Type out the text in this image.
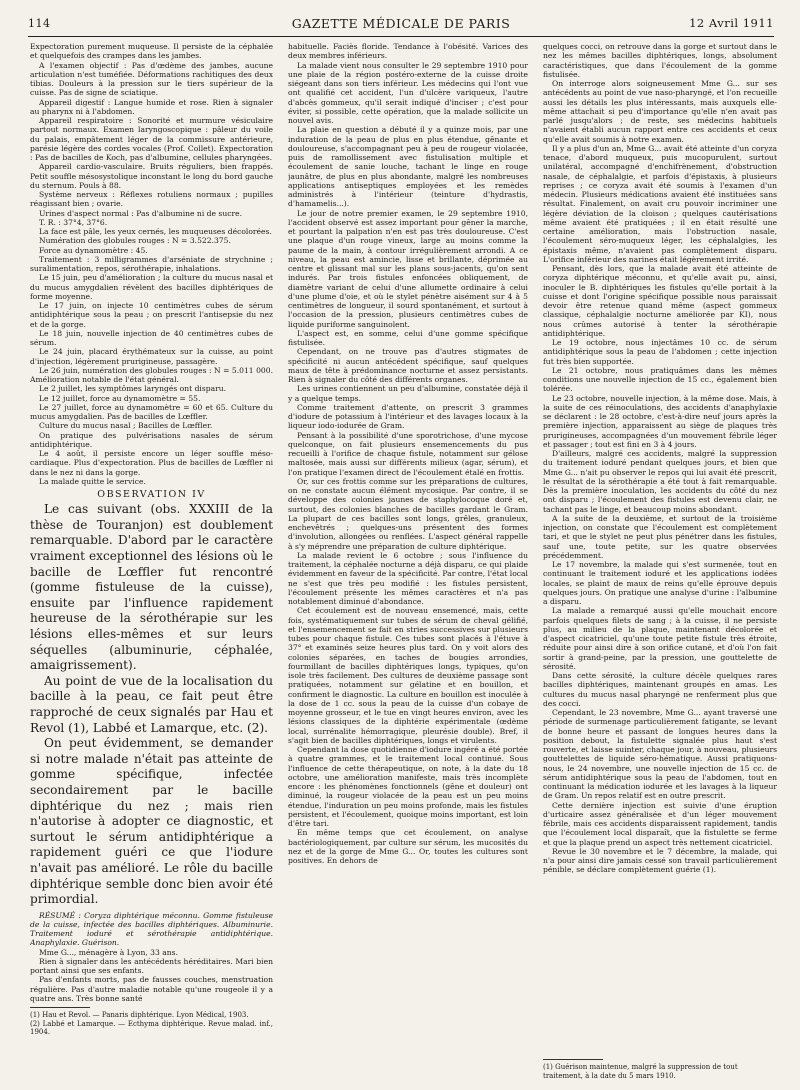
114	GAZETTE MÉDICALE DE PARIS	12 Avril 1911

Expectoration purement muqueuse. Il persiste de la céphalée et quelquefois des crampes dans les jambes.

A l'examen objectif : Pas d'œdème des jambes, aucune articulation n'est tuméfiée. Déformations rachitiques des deux tibias. Douleurs à la pression sur le tiers supérieur de la cuisse. Pas de signe de sciatique.

Appareil digestif : Langue humide et rose. Rien à signaler au pharynx ni à l'abdomen.

Appareil respiratoire : Sonorité et murmure vésiculaire partout normaux. Examen laryngoscopique : pâleur du voile du palais, empâtement léger de la commissure antérieure, parésie légère des cordes vocales (Prof. Collet). Expectoration : Pas de bacilles de Koch, pas d'albumine, cellules pharyngées.

Appareil cardio-vasculaire. Bruits réguliers, bien frappés. Petit souffle mésosystolique inconstant le long du bord gauche du sternum. Pouls à 88.

Système nerveux : Réflexes rotuliens normaux ; pupilles réagissant bien ; ovarie.

Urines d'aspect normal : Pas d'albumine ni de sucre.

T. R. : 37°4, 37°6.

La face est pâle, les yeux cernés, les muqueuses décolorées.

Numération des globules rouges : N = 3.522.375.

Force au dynamomètre : 45.

Traitement : 3 milligrammes d'arséniate de strychnine ; suralimentation, repos, sérothérapie, inhalations.

Le 15 juin, peu d'amélioration ; la culture du mucus nasal et du mucus amygdalien révèlent des bacilles diphtériques de forme moyenne.

Le 17 juin, on injecte 10 centimètres cubes de sérum antidiphtérique sous la peau ; on prescrit l'antisepsie du nez et de la gorge.

Le 18 juin, nouvelle injection de 40 centimètres cubes de sérum.

Le 24 juin, placard érythémateux sur la cuisse, au point d'injection, légèrement prurigineuse, passagère.

Le 26 juin, numération des globules rouges : N = 5.011 000. Amélioration notable de l'état général.

Le 2 juillet, les symptômes laryngés ont disparu.

Le 12 juillet, force au dynamomètre = 55.

Le 27 juillet, force au dynamomètre = 60 et 65. Culture du mucus amygdalien. Pas de bacilles de Lœffler.

Culture du mucus nasal ; Bacilles de Lœffler.

On pratique des pulvérisations nasales de sérum antidiphtérique.

Le 4 août, il persiste encore un léger souffle méso-cardiaque. Plus d'expectoration. Plus de bacilles de Lœffler ni dans le nez ni dans la gorge.

La malade quitte le service.

OBSERVATION IV

Le cas suivant (obs. XXXIII de la thèse de Touranjon) est doublement remarquable. D'abord par le caractère vraiment exceptionnel des lésions où le bacille de Lœffler fut rencontré (gomme fistuleuse de la cuisse), ensuite par l'influence rapidement heureuse de la sérothérapie sur les lésions elles-mêmes et sur leurs séquelles (albuminurie, céphalée, amaigrissement).

Au point de vue de la localisation du bacille à la peau, ce fait peut être rapproché de ceux signalés par Hau et Revol (1), Labbé et Lamarque, etc. (2).

On peut évidemment, se demander si notre malade n'était pas atteinte de gomme spécifique, infectée secondairement par le bacille diphtérique du nez ; mais rien n'autorise à adopter ce diagnostic, et surtout le sérum antidiphtérique a rapidement guéri ce que l'iodure n'avait pas amélioré. Le rôle du bacille diphtérique semble donc bien avoir été primordial.

RÉSUMÉ : Coryza diphtérique méconnu. Gomme fistuleuse de la cuisse, infectée des bacilles diphtériques. Albuminurie. Traitement ioduré et sérothérapie antidiphtérique. Anaphylaxie. Guérison.

Mme G..., ménagère à Lyon, 33 ans.

Rien à signaler dans les antécédents héréditaires. Mari bien portant ainsi que ses enfants.

Pas d'enfants morts, pas de fausses couches, menstruation régulière. Pas d'autre maladie notable qu'une rougeole il y a quatre ans. Très bonne santé

(1) Hau et Revol. — Panaris diphtérique. Lyon Médical, 1903.

(2) Labbé et Lamarque. — Ecthyma diphtérique. Revue malad. inf., 1904.

habituelle. Faciès floride. Tendance à l'obésité. Varices des deux membres inférieurs.

La malade vient nous consulter le 29 septembre 1910 pour une plaie de la région postéro-externe de la cuisse droite siégeant dans son tiers inférieur. Les médecins qui l'ont vue ont qualifié cet accident, l'un d'ulcère variqueux, l'autre d'abcès gommeux, qu'il serait indiqué d'inciser ; c'est pour éviter, si possible, cette opération, que la malade sollicite un nouvel avis.

La plaie en question a débuté il y a quinze mois, par une induration de la peau de plus en plus étendue, gênante et douloureuse, s'accompagnant peu à peu de rougeur violacée, puis de ramollissement avec fistulisation multiple et écoulement de sanie louche, tachant le linge en rouge jaunâtre, de plus en plus abondante, malgré les nombreuses applications antiseptiques employées et les remèdes administrés à l'intérieur (teinture d'hydrastis, d'hamamelis...).

Le jour de notre premier examen, le 29 septembre 1910, l'accident observé est assez important pour gêner la marche, et pourtant la palpation n'en est pas très douloureuse. C'est une plaque d'un rouge vineux, large au moins comme la paume de la main, à contour irrégulièrement arrondi. A ce niveau, la peau est amincie, lisse et brillante, déprimée au centre et glissant mal sur les plans sous-jacents, qu'on sent indurés. Par trois fistules enfoncées obliquement, de diamètre variant de celui d'une allumette ordinaire à celui d'une plume d'oie, et où le stylet pénètre aisément sur 4 à 5 centimètres de longueur, il sourd spontanément, et surtout à l'occasion de la pression, plusieurs centimètres cubes de liquide puriforme sanguinolent.

L'aspect est, en somme, celui d'une gomme spécifique fistulisée.

Cependant, on ne trouve pas d'autres stigmates de spécificité ni aucun antécédent spécifique, sauf quelques maux de tête à prédominance nocturne et assez persistants. Rien à signaler du côté des différents organes.

Les urines contiennent un peu d'albumine, constatée déjà il y a quelque temps.

Comme traitement d'attente, on prescrit 3 grammes d'iodure de potassium à l'intérieur et des lavages locaux à la liqueur iodo-iodurée de Gram.

Pensant à la possibilité d'une sporotrichose, d'une mycose quelconque, on fait plusieurs ensemencements du pus recueilli à l'orifice de chaque fistule, notamment sur gélose maltosée, mais aussi sur différents milieux (agar, sérum), et l'on pratique l'examen direct de l'écoulement étalé en frottis.

Or, sur ces frottis comme sur les préparations de cultures, on ne constate aucun élément mycosique. Par contre, il se développe des colonies jaunes de staphylocoque doré et, surtout, des colonies blanches de bacilles gardant le Gram. La plupart de ces bacilles sont longs, grêles, granuleux, enchevêtrés ; quelques-uns présentent des formes d'involution, allongées ou renflées. L'aspect général rappelle à s'y méprendre une préparation de culture diphtérique.

La malade revient le 6 octobre ; sous l'influence du traitement, la céphalée nocturne a déjà disparu, ce qui plaide évidemment en faveur de la spécificité. Par contre, l'état local ne s'est que très peu modifié : les fistules persistent, l'écoulement présente les mêmes caractères et n'a pas notablement diminué d'abondance.

Cet écoulement est de nouveau ensemencé, mais, cette fois, systématiquement sur tubes de sérum de cheval gélifié, et l'ensemencement se fait en stries successives sur plusieurs tubes pour chaque fistule. Ces tubes sont placés à l'étuve à 37° et examinés seize heures plus tard. On y voit alors des colonies séparées, en taches de bougies arrondies, fourmillant de bacilles diphtériques longs, typiques, qu'on isole très facilement. Des cultures de deuxième passage sont pratiquées, notamment sur gélatine et en bouillon, et confirment le diagnostic. La culture en bouillon est inoculée à la dose de 1 cc. sous la peau de la cuisse d'un cobaye de moyenne grosseur, et le tue en vingt heures environ, avec les lésions classiques de la diphtérie expérimentale (œdème local, surrénalite hémorragique, pleurésie double). Bref, il s'agit bien de bacilles diphtériques, longs et virulents.

Cependant la dose quotidienne d'iodure ingéré a été portée à quatre grammes, et le traitement local continué. Sous l'influence de cette thérapeutique, on note, à la date du 18 octobre, une amélioration manifeste, mais très incomplète encore : les phénomènes fonctionnels (gêne et douleur) ont diminué, la rougeur violacée de la peau est un peu moins étendue, l'induration un peu moins profonde, mais les fistules persistent, et l'écoulement, quoique moins important, est loin d'être tari.

En même temps que cet écoulement, on analyse bactériologiquement, par culture sur sérum, les mucosités du nez et de la gorge de Mme G... Or, toutes les cultures sont positives. En dehors de

quelques cocci, on retrouve dans la gorge et surtout dans le nez les mêmes bacilles diphtériques, longs, absolument caractéristiques, que dans l'écoulement de la gomme fistulisée.

On interroge alors soigneusement Mme G... sur ses antécédents au point de vue naso-pharyngé, et l'on recueille aussi les détails les plus intéressants, mais auxquels elle-même attachait si peu d'importance qu'elle n'en avait pas parlé jusqu'alors ; de reste, ses médecins habituels n'avaient établi aucun rapport entre ces accidents et ceux qu'elle avait soumis à notre examen.

Il y a plus d'un an, Mme G... avait été atteinte d'un coryza tenace, d'abord muqueux, puis mucopurulent, surtout unilatéral, accompagné d'enchifrènement, d'obstruction nasale, de céphalalgie, et parfois d'épistaxis, à plusieurs reprises ; ce coryza avait été soumis à l'examen d'un médecin. Plusieurs médications avaient été instituées sans résultat. Finalement, on avait cru pouvoir incriminer une légère déviation de la cloison ; quelques cautérisations même avaient été pratiquées ; il en était résulté une certaine amélioration, mais l'obstruction nasale, l'écoulement séro-muqueux léger, les céphalalgies, les épistaxis même, n'avaient pas complètement disparu. L'orifice inférieur des narines était légèrement irrité.

Pensant, dès lors, que la malade avait été atteinte de coryza diphtérique méconnu, et qu'elle avait pu, ainsi, inoculer le B. diphtériques les fistules qu'elle portait à la cuisse et dont l'origine spécifique possible nous paraissait devoir être retenue quand même (aspect gommeux classique, céphalalgie nocturne améliorée par KI), nous nous crûmes autorisé à tenter la sérothérapie antidiphtérique.

Le 19 octobre, nous injectâmes 10 cc. de sérum antidiphtérique sous la peau de l'abdomen ; cette injection fut très bien supportée.

Le 21 octobre, nous pratiquâmes dans les mêmes conditions une nouvelle injection de 15 cc., également bien tolérée.

Le 23 octobre, nouvelle injection, à la même dose. Mais, à la suite de ces réinoculations, des accidents d'anaphylaxie se déclarent : le 28 octobre, c'est-à-dire neuf jours après la première injection, apparaissent au siège de plaques très prurigineuses, accompagnées d'un mouvement fébrile léger et passager ; tout est fini en 3 à 4 jours.

D'ailleurs, malgré ces accidents, malgré la suppression du traitement ioduré pendant quelques jours, et bien que Mme G... n'ait pu observer le repos qui lui avait été prescrit, le résultat de la sérothérapie a été tout à fait remarquable. Dès la première inoculation, les accidents du côté du nez ont disparu ; l'écoulement des fistules est devenu clair, ne tachant pas le linge, et beaucoup moins abondant.

A la suite de la deuxième, et surtout de la troisième injection, on constate que l'écoulement est complètement tari, et que le stylet ne peut plus pénétrer dans les fistules, sauf une, toute petite, sur les quatre observées précédemment.

Le 17 novembre, la malade qui s'est surmenée, tout en continuant le traitement ioduré et les applications iodées locales, se plaint de maux de reins qu'elle éprouve depuis quelques jours. On pratique une analyse d'urine : l'albumine a disparu.

La malade a remarqué aussi qu'elle mouchait encore parfois quelques filets de sang ; à la cuisse, il ne persiste plus, au milieu de la plaque, maintenant décolorée et d'aspect cicatriciel, qu'une toute petite fistule très étroite, réduite pour ainsi dire à son orifice cutané, et d'où l'on fait sortir à grand-peine, par la pression, une gouttelette de sérosité.

Dans cette sérosité, la culture décèle quelques rares bacilles diphtériques, maintenant groupés en amas. Les cultures du mucus nasal pharyngé ne renferment plus que des cocci.

Cependant, le 23 novembre, Mme G... ayant traversé une période de surmenage particulièrement fatigante, se levant de bonne heure et passant de longues heures dans la position debout, la fistulette signalée plus haut s'est rouverte, et laisse suinter, chaque jour, à nouveau, plusieurs gouttelettes de liquide séro-hématique. Aussi pratiquons-nous, le 24 novembre, une nouvelle injection de 15 cc. de sérum antidiphtérique sous la peau de l'abdomen, tout en continuant la médication iodurée et les lavages à la liqueur de Gram. Un repos relatif est en outre prescrit.

Cette dernière injection est suivie d'une éruption d'urticaire assez généralisée et d'un léger mouvement fébrile, mais ces accidents disparaissent rapidement, tandis que l'écoulement local disparaît, que la fistulette se ferme et que la plaque prend un aspect très nettement cicatriciel.

Revue le 30 novembre et le 7 décembre, la malade, qui n'a pour ainsi dire jamais cessé son travail particulièrement pénible, se déclare complètement guérie (1).

(1) Guérison maintenue, malgré la suppression de tout traitement, à la date du 5 mars 1910.
